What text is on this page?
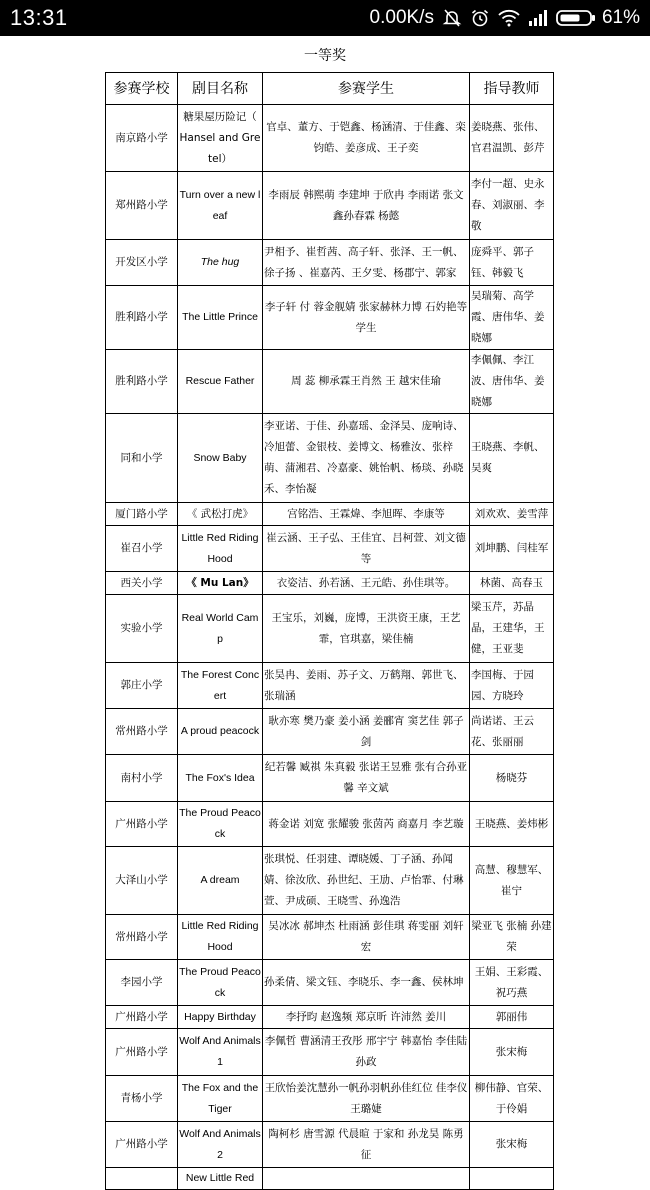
13:31	0.00K/s	61%
一等奖
参赛学校	剧目名称	参赛学生	指导教师
南京路小学	糖果屋历险记（ Hansel and Gretel）	官卓、董方、于铠鑫、杨涵清、于佳鑫、栾钧皓、姜彦成、王子奕	姜晓燕、张伟、官君温凯、彭芹
郑州路小学	Turn over a new leaf	李雨辰 韩熙萌 李建坤 于欣冉 李雨诺 张文鑫孙春霖 杨懿	李付一超、史永春、刘淑丽、李敬
开发区小学	The hug	尹相予、崔哲茜、高子轩、张泽、王一帆、徐子扬 、崔嘉芮、王夕雯、杨郡宁、郭家	庞舜平、郭子钰、韩毅飞
胜利路小学	The Little Prince	李子轩 付 蓉金舰婧 张家赫林力博 石妁艳等学生	吴瑞菊、高学霞、唐伟华、姜晓娜
胜利路小学	Rescue Father	周 蕊 柳承霖王肖然 王 越宋佳瑜	李佩佩、李江波、唐伟华、姜晓娜
同和小学	Snow Baby	李亚诺、于佳、孙嘉瑶、金泽昊、庞响诗、冷旭蕾、金银枝、姜博文、杨雅汝、张梓萌、蒲湘君、冷嘉豪、姚怡帆、杨琰、孙晓禾、李怡凝	王晓燕、李帆、吴爽
厦门路小学	《 武松打虎》	宫铭浩、王霖煒、李旭晖、李康等	刘欢欢、姜雪萍
崔召小学	Little Red Riding Hood	崔云涵、王子弘、王佳宜、吕柯萱、刘文德等	刘坤鹏、闫桂军
西关小学	《 Mu Lan》	衣姿洁、孙若涵、王元皓、孙佳琪等。	林菌、高春玉
实验小学	Real World Camp	王宝乐，刘巍，庞博，王洪资王康，王艺霏，官琪嘉，梁佳楠	梁玉芹，苏晶晶，王建华，王健，王亚斐
郭庄小学	The Forest Concert	张昊冉、姜雨、苏子文、万鹤翔、郭世飞、张瑞涵	李国梅、于园园、方晓玲
常州路小学	A proud peacock	耿亦寒 樊乃豪 姜小涵 姜郦宵 窦艺佳 郭子剑	尚诺诺、王云花、张丽丽
南村小学	The Fox's Idea	纪若馨 臧祺 朱真毅 张诺王昱雅 张有合孙亚馨 辛文斌	杨晓芬
广州路小学	The Proud Peacock	蒋金诺 刘宽 张耀骏 张茵芮 商嘉月 李艺璇	王晓燕、姜炜彬
大泽山小学	A dream	张琪悦、任羽建、谭晓媛、丁子涵、孙闻婧、徐汝欣、孙世纪、王劢、卢怡霏、付琳萱、尹成硕、王晓雪、孙逸浩	高慧、穆慧军、崔宁
常州路小学	Little Red Riding Hood	吴冰冰 郝坤杰 杜雨涵 彭佳琪 蒋雯丽 刘轩宏	梁亚飞 张楠 孙建荣
李园小学	The Proud Peacock	孙柔倩、梁文钰、李晓乐、李一鑫、侯林坤	王娟、王彩霞、祝巧燕
广州路小学	Happy Birthday	李抒昀 赵逸频 郑京昕 许沛然 姜川	郭丽伟
广州路小学	Wolf And Animals 1	李佩哲 曹涵清王孜彤 邢宇宁 韩嘉怡 李佳陆孙政	张宋梅
青杨小学	The Fox and the Tiger	王欣怡姜沈慧孙一帆孙羽帆孙佳红位 佳李仪王璐婕	柳伟静、官荣、于伶娟
广州路小学	Wolf And Animals 2	陶柯杉 唐雪源 代晨暄 于家和 孙龙昊 陈勇征	张宋梅
	New Little Red		
